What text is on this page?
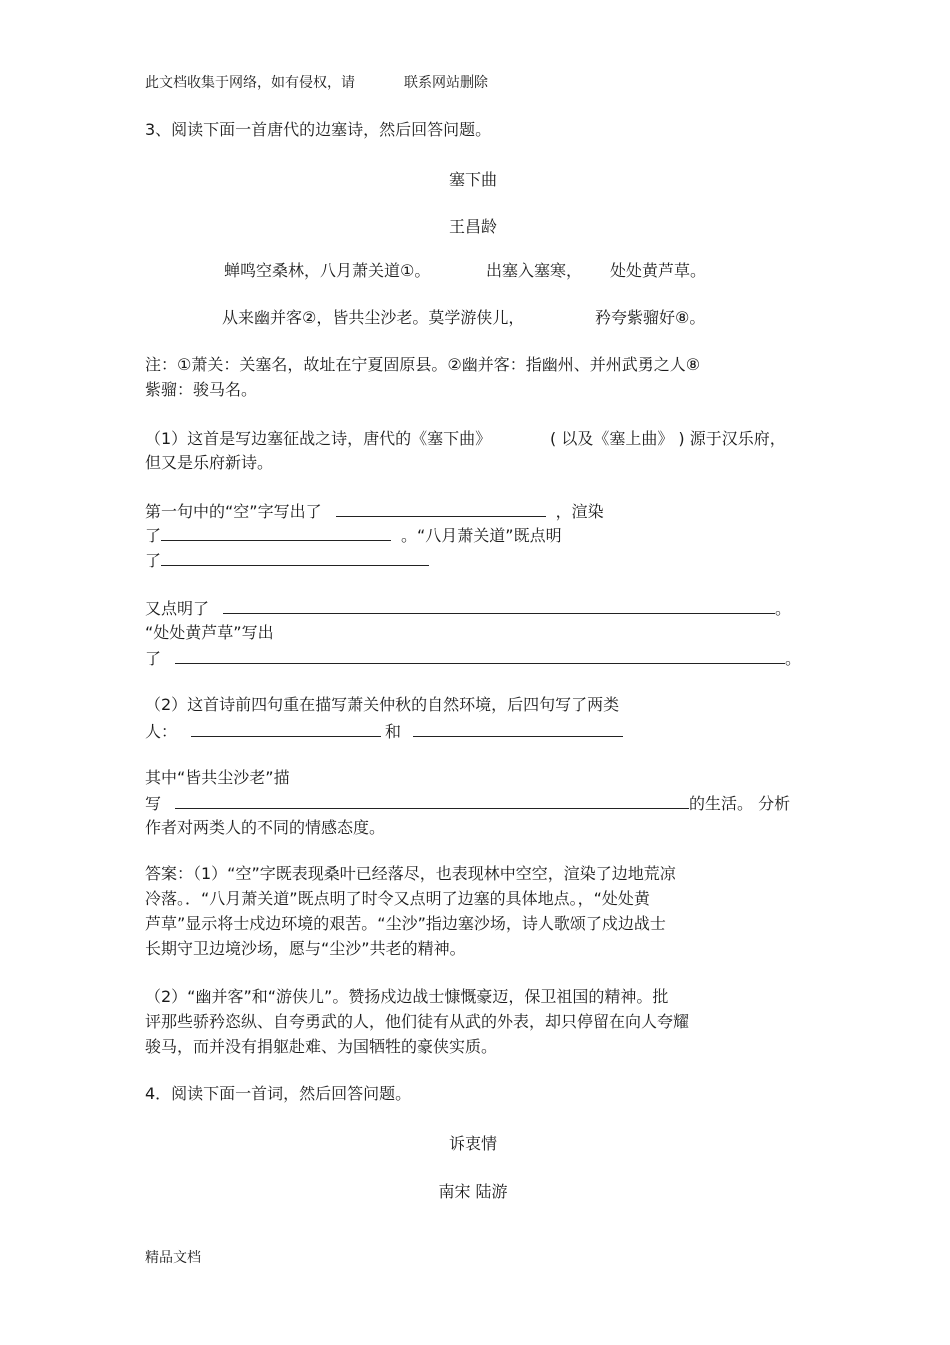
此文档收集于网络，如有侵权，请	联系网站删除
3、阅读下面一首唐代的边塞诗，然后回答问题。
塞下曲
王昌龄
蝉鸣空桑林，八月萧关道①。	出塞入塞寒， 处处黄芦草。
从来幽并客②，皆共尘沙老。莫学游侠儿，	矜夸紫骝好⑧。
注：①萧关：关塞名，故址在宁夏固原县。②幽并客：指幽州、并州武勇之人⑧
紫骝：骏马名。
（1）这首是写边塞征战之诗，唐代的《塞下曲》	( 以及《塞上曲》 ) 源于汉乐府，
但又是乐府新诗。
第一句中的“空”字写出了	，渲染
了	。“八月萧关道”既点明
了
又点明了	。
“处处黄芦草”写出
了	。
（2）这首诗前四句重在描写萧关仲秋的自然环境，后四句写了两类
人：	和
其中“皆共尘沙老”描
写	的生活。 分析
作者对两类人的不同的情感态度。
答案：（1）“空”字既表现桑叶已经落尽，也表现林中空空，渲染了边地荒凉
冷落。．“八月萧关道”既点明了时令又点明了边塞的具体地点。，“处处黄
芦草”显示将士戍边环境的艰苦。“尘沙”指边塞沙场，诗人歌颂了戍边战士
长期守卫边境沙场，愿与“尘沙”共老的精神。
（2）“幽并客”和“游侠儿”。赞扬戍边战士慷慨豪迈，保卫祖国的精神。批
评那些骄矜恣纵、自夸勇武的人，他们徒有从武的外表，却只停留在向人夸耀
骏马，而并没有捐躯赴难、为国牺牲的豪侠实质。
4．阅读下面一首词，然后回答问题。
诉衷情
南宋 陆游
精品文档
